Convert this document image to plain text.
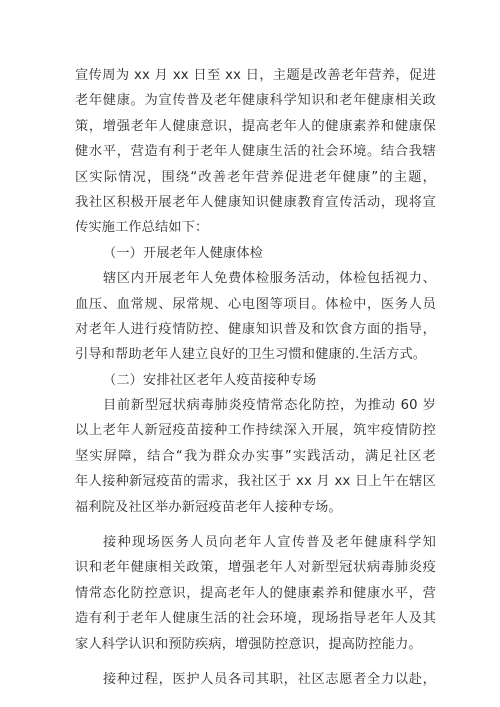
宣传周为 xx 月 xx 日至 xx 日，主题是改善老年营养，促进
老年健康。为宣传普及老年健康科学知识和老年健康相关政
策，增强老年人健康意识，提高老年人的健康素养和健康保
健水平，营造有利于老年人健康生活的社会环境。结合我辖
区实际情况，围绕“改善老年营养促进老年健康”的主题，
我社区积极开展老年人健康知识健康教育宣传活动，现将宣
传实施工作总结如下：
（一）开展老年人健康体检
辖区内开展老年人免费体检服务活动，体检包括视力、
血压、血常规、尿常规、心电图等项目。体检中，医务人员
对老年人进行疫情防控、健康知识普及和饮食方面的指导，
引导和帮助老年人建立良好的卫生习惯和健康的.生活方式。
（二）安排社区老年人疫苗接种专场
目前新型冠状病毒肺炎疫情常态化防控，为推动 60 岁
以上老年人新冠疫苗接种工作持续深入开展，筑牢疫情防控
坚实屏障，结合“我为群众办实事”实践活动，满足社区老
年人接种新冠疫苗的需求，我社区于 xx 月 xx 日上午在辖区
福利院及社区举办新冠疫苗老年人接种专场。
接种现场医务人员向老年人宣传普及老年健康科学知
识和老年健康相关政策，增强老年人对新型冠状病毒肺炎疫
情常态化防控意识，提高老年人的健康素养和健康水平，营
造有利于老年人健康生活的社会环境，现场指导老年人及其
家人科学认识和预防疾病，增强防控意识，提高防控能力。
接种过程，医护人员各司其职，社区志愿者全力以赴，
